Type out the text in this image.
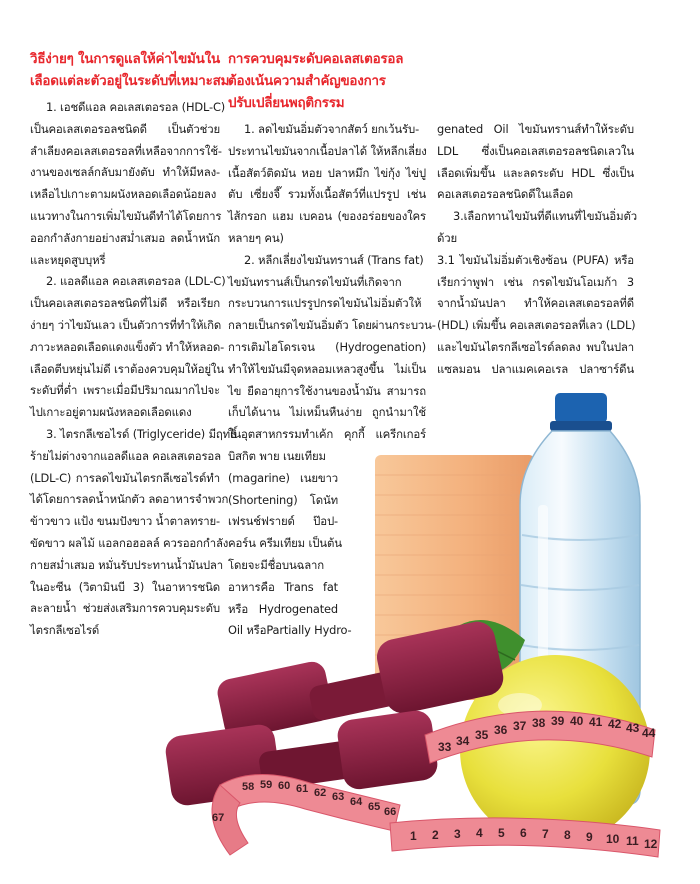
วิธีง่ายๆ ในการดูแลให้ค่าไขมันใน
เลือดแต่ละตัวอยู่ในระดับที่เหมาะสม
การควบคุมระดับคอเลสเตอรอล
ต้องเน้นความสำคัญของการ
ปรับเปลี่ยนพฤติกรรม
33 34 35 36 37 38 39 40 41 42 43 44
58 59 60 61 62 63 64 65 66
67
1 2 3 4 5 6 7 8 9 10 11 12
1. เอชดีแอล คอเลสเตอรอล (HDL-C)
เป็นคอเลสเตอรอลชนิดดี เป็นตัวช่วย
ลำเลียงคอเลสเตอรอลที่เหลือจากการใช้-
งานของเซลล์กลับมายังตับ ทำให้มีหลง-
เหลือไปเกาะตามผนังหลอดเลือดน้อยลง
แนวทางในการเพิ่มไขมันดีทำได้โดยการ
ออกกำลังกายอย่างสม่ำเสมอ ลดน้ำหนัก
และหยุดสูบบุหรี่
2. แอลดีแอล คอเลสเตอรอล (LDL-C)
เป็นคอเลสเตอรอลชนิดที่ไม่ดี หรือเรียก
ง่ายๆ ว่าไขมันเลว เป็นตัวการที่ทำให้เกิด
ภาวะหลอดเลือดแดงแข็งตัว ทำให้หลอด-
เลือดตีบหยุ่นไม่ดี เราต้องควบคุมให้อยู่ใน
ระดับที่ต่ำ เพราะเมื่อมีปริมาณมากไปจะ
ไปเกาะอยู่ตามผนังหลอดเลือดแดง
3. ไตรกลีเซอไรด์ (Triglyceride) มีฤทธิ์
ร้ายไม่ต่างจากแอลดีแอล คอเลสเตอรอล
(LDL-C) การลดไขมันไตรกลีเซอไรด์ทำ
ได้โดยการลดน้ำหนักตัว ลดอาหารจำพวก
ข้าวขาว แป้ง ขนมปังขาว น้ำตาลทราย-
ขัดขาว ผลไม้ แอลกอฮอลล์ ควรออกกำลัง
กายสม่ำเสมอ หมั่นรับประทานน้ำมันปลา
ในอะซีน (วิตามินบี 3) ในอาหารชนิด
ละลายน้ำ ช่วยส่งเสริมการควบคุมระดับ
ไตรกลีเซอไรด์
1. ลดไขมันอิ่มตัวจากสัตว์ ยกเว้นรับ-
ประทานไขมันจากเนื้อปลาได้ ให้หลีกเลี่ยง
เนื้อสัตว์ติดมัน หอย ปลาหมึก ไข่กุ้ง ไข่ปู
ตับ เซี่ยงจี๊ รวมทั้งเนื้อสัตว์ที่แปรรูป เช่น
ไส้กรอก แฮม เบคอน (ของอร่อยของใคร
หลายๆ คน)
2. หลีกเลี่ยงไขมันทรานส์ (Trans fat)
ไขมันทรานส์เป็นกรดไขมันที่เกิดจาก
กระบวนการแปรรูปกรดไขมันไม่อิ่มตัวให้
กลายเป็นกรดไขมันอิ่มตัว โดยผ่านกระบวน-
การเติมไฮโดรเจน (Hydrogenation)
ทำให้ไขมันมีจุดหลอมเหลวสูงขึ้น ไม่เป็น
ไข ยืดอายุการใช้งานของน้ำมัน สามารถ
เก็บได้นาน ไม่เหม็นหืนง่าย ถูกนำมาใช้
ในอุตสาหกรรมทำเค้ก คุกกี้ แครีกเกอร์
บิสกิต พาย เนยเทียม
(magarine) เนยขาว
(Shortening) โดนัท
เฟรนช์ฟรายด์ ป๊อป-
คอร์น ครีมเทียม เป็นต้น
โดยจะมีชื่อบนฉลาก
อาหารคือ Trans fat
หรือ Hydrogenated
Oil หรือPartially Hydro-
genated Oil ไขมันทรานส์ทำให้ระดับ
LDL ซึ่งเป็นคอเลสเตอรอลชนิดเลวใน
เลือดเพิ่มขึ้น และลดระดับ HDL ซึ่งเป็น
คอเลสเตอรอลชนิดดีในเลือด
3.เลือกทานไขมันที่ดีแทนที่ไขมันอิ่มตัว
ด้วย
3.1 ไขมันไม่อิ่มตัวเชิงซ้อน (PUFA) หรือ
เรียกว่าพูฟา เช่น กรดไขมันโอเมก้า 3
จากน้ำมันปลา ทำให้คอเลสเตอรอลที่ดี
(HDL) เพิ่มขึ้น คอเลสเตอรอลที่เลว (LDL)
และไขมันไตรกลีเซอไรด์ลดลง พบในปลา
แซลมอน ปลาแมคเคอเรล ปลาซาร์ดีน
